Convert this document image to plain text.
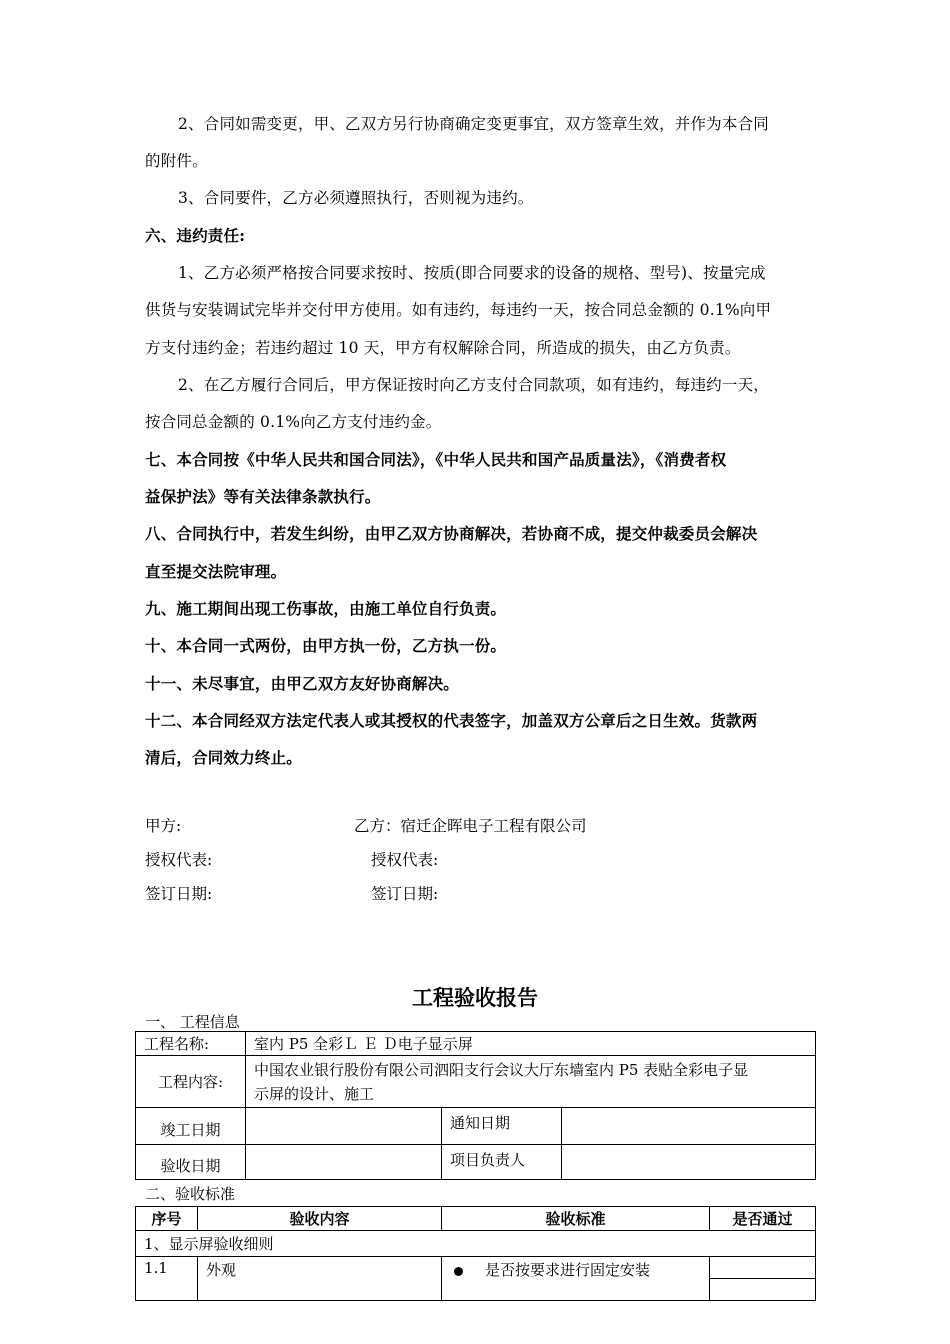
2、合同如需变更，甲、乙双方另行协商确定变更事宜，双方签章生效，并作为本合同
的附件。
3、合同要件，乙方必须遵照执行，否则视为违约。
六、违约责任:
1、乙方必须严格按合同要求按时、按质(即合同要求的设备的规格、型号)、按量完成
供货与安装调试完毕并交付甲方使用。如有违约，每违约一天，按合同总金额的 0.1%向甲
方支付违约金；若违约超过 10 天，甲方有权解除合同，所造成的损失，由乙方负责。
2、在乙方履行合同后，甲方保证按时向乙方支付合同款项，如有违约，每违约一天，
按合同总金额的 0.1%向乙方支付违约金。
七、本合同按《中华人民共和国合同法》，《中华人民共和国产品质量法》，《消费者权
益保护法》等有关法律条款执行。
八、合同执行中，若发生纠纷，由甲乙双方协商解决，若协商不成，提交仲裁委员会解决
直至提交法院审理。
九、施工期间出现工伤事故，由施工单位自行负责。
十、本合同一式两份，由甲方执一份，乙方执一份。
十一、未尽事宜，由甲乙双方友好协商解决。
十二、本合同经双方法定代表人或其授权的代表签字，加盖双方公章后之日生效。货款两
清后，合同效力终止。
甲方:	乙方：宿迁企晖电子工程有限公司
授权代表:	授权代表:
签订日期:	签订日期:
工程验收报告
一、 工程信息
工程名称:	室内 P5 全彩Ｌ Ｅ Ｄ电子显示屏		
工程内容:	中国农业银行股份有限公司泗阳支行会议大厅东墙室内 P5 表贴全彩电子显
示屏的设计、施工		

竣工日期		通知日期	
验收日期		项目负责人	
二、验收标准
序号	验收内容	验收标准	是否通过
1、显示屏验收细则			
1.1	外观	是否按要求进行固定安装	
